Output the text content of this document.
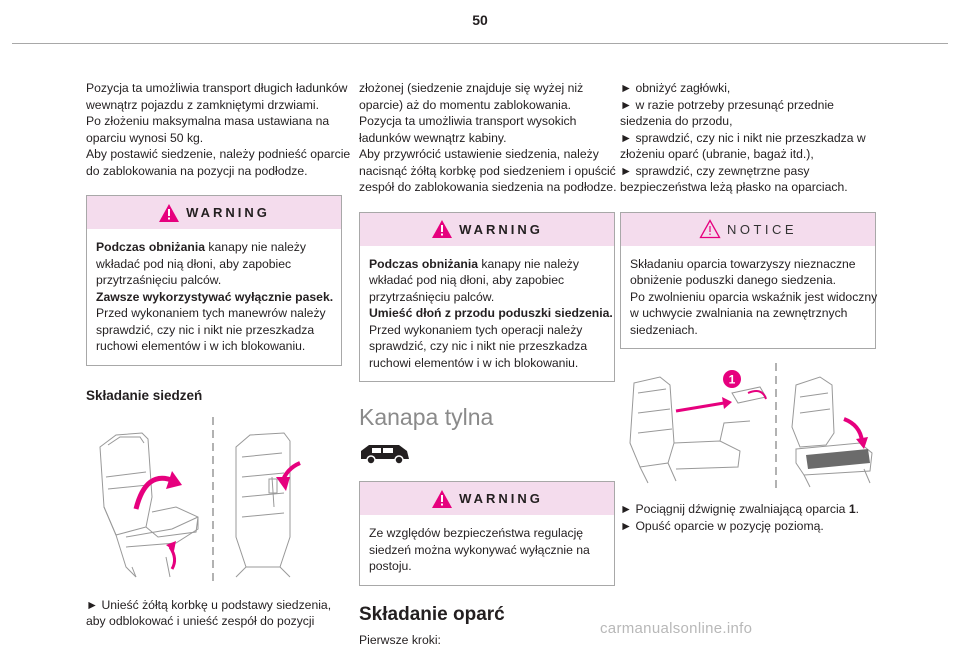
50
Pozycja ta umożliwia transport długich ładunków
wewnątrz pojazdu z zamkniętymi drzwiami.
Po złożeniu maksymalna masa ustawiana na
oparciu wynosi 50 kg.
Aby postawić siedzenie, należy podnieść oparcie
do zablokowania na pozycji na podłodze.
WARNING
Podczas obniżania kanapy nie należy
wkładać pod nią dłoni, aby zapobiec
przytrzaśnięciu palców.
Zawsze wykorzystywać wyłącznie pasek.
Przed wykonaniem tych manewrów należy
sprawdzić, czy nic i nikt nie przeszkadza
ruchowi elementów i w ich blokowaniu.
Składanie siedzeń
► Unieść żółtą korbkę u podstawy siedzenia,
aby odblokować i unieść zespół do pozycji
złożonej (siedzenie znajduje się wyżej niż
oparcie) aż do momentu zablokowania.
Pozycja ta umożliwia transport wysokich
ładunków wewnątrz kabiny.
Aby przywrócić ustawienie siedzenia, należy
nacisnąć żółtą korbkę pod siedzeniem i opuścić
zespół do zablokowania siedzenia na podłodze.
WARNING
Podczas obniżania kanapy nie należy
wkładać pod nią dłoni, aby zapobiec
przytrzaśnięciu palców.
Umieść dłoń z przodu poduszki siedzenia.
Przed wykonaniem tych operacji należy
sprawdzić, czy nic i nikt nie przeszkadza
ruchowi elementów i w ich blokowaniu.
Kanapa tylna
WARNING
Ze względów bezpieczeństwa regulację
siedzeń można wykonywać wyłącznie na
postoju.
Składanie oparć
Pierwsze kroki:
► obniżyć zagłówki,
► w razie potrzeby przesunąć przednie
siedzenia do przodu,
► sprawdzić, czy nic i nikt nie przeszkadza w
złożeniu oparć (ubranie, bagaż itd.),
► sprawdzić, czy zewnętrzne pasy
bezpieczeństwa leżą płasko na oparciach.
NOTICE
Składaniu oparcia towarzyszy nieznaczne
obniżenie poduszki danego siedzenia.
Po zwolnieniu oparcia wskaźnik jest widoczny
w uchwycie zwalniania na zewnętrznych
siedzeniach.
1
► Pociągnij dźwignię zwalniającą oparcia 1.
► Opuść oparcie w pozycję poziomą.
carmanualsonline.info
